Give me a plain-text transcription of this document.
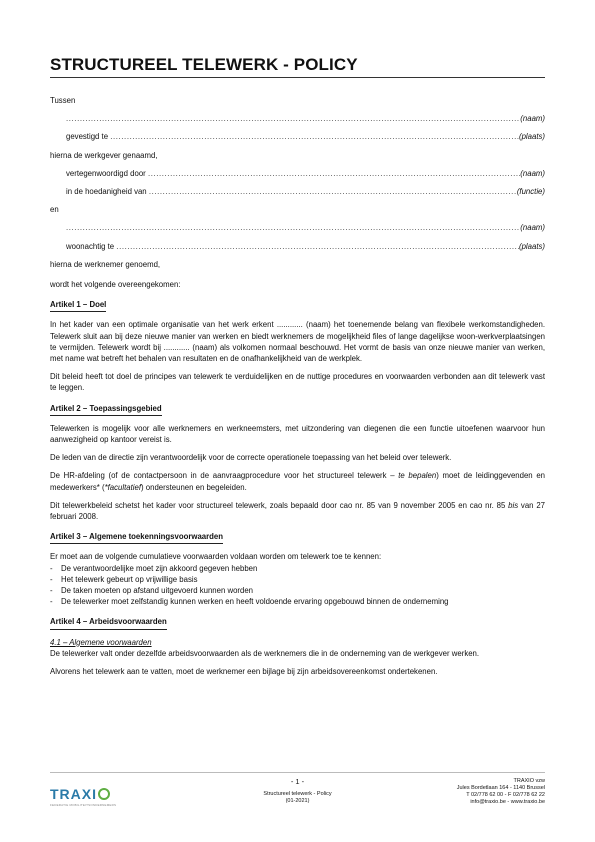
STRUCTUREEL TELEWERK - POLICY
Tussen
.....
(naam)
gevestigd te
.....	(plaats)
hierna de werkgever genaamd,
vertegenwoordigd door
.....	(naam)
in de hoedanigheid van
.....	(functie)
en
.....
(naam)
woonachtig te
.....	(plaats)
hierna de werknemer genoemd,
wordt het volgende overeengekomen:
Artikel 1 – Doel

In het kader van een optimale organisatie van het werk erkent ............ (naam) het toenemende belang van flexibele werkomstandigheden. Telewerk sluit aan bij deze nieuwe manier van werken en biedt werknemers de mogelijkheid files of lange dagelijkse woon-werkverplaatsingen te vermijden. Telewerk wordt bij ............ (naam) als volkomen normaal beschouwd. Het vormt de basis van onze nieuwe manier van werken, met name wat betreft het behalen van resultaten en de onafhankelijkheid van de werkplek.

Dit beleid heeft tot doel de principes van telewerk te verduidelijken en de nuttige procedures en voorwaarden verbonden aan dit telewerk vast te leggen.

Artikel 2 – Toepassingsgebied

Telewerken is mogelijk voor alle werknemers en werkneemsters, met uitzondering van diegenen die een functie uitoefenen waarvoor hun aanwezigheid op kantoor vereist is.

De leden van de directie zijn verantwoordelijk voor de correcte operationele toepassing van het beleid over telewerk.

De HR-afdeling (of de contactpersoon in de aanvraagprocedure voor het structureel telewerk – te bepalen) moet de leidinggevenden en medewerkers* (*facultatief) ondersteunen en begeleiden.

Dit telewerkbeleid schetst het kader voor structureel telewerk, zoals bepaald door cao nr. 85 van 9 november 2005 en cao nr. 85 bis van 27 februari 2008.

Artikel 3 – Algemene toekenningsvoorwaarden

Er moet aan de volgende cumulatieve voorwaarden voldaan worden om telewerk toe te kennen:

- De verantwoordelijke moet zijn akkoord gegeven hebben
- Het telewerk gebeurt op vrijwillige basis
- De taken moeten op afstand uitgevoerd kunnen worden
- De telewerker moet zelfstandig kunnen werken en heeft voldoende ervaring opgebouwd binnen de onderneming
Artikel 4 – Arbeidsvoorwaarden
4.1 – Algemene voorwaarden

De telewerker valt onder dezelfde arbeidsvoorwaarden als de werknemers die in de onderneming van de werkgever werken.

Alvorens het telewerk aan te vatten, moet de werknemer een bijlage bij zijn arbeidsovereenkomst ondertekenen.

TRAXI
FEDERATIE MOBILITEITSONDERNEMERS
- 1 -
Structureel telewerk - Policy
(01-2021)
TRAXIO vzw
Jules Bordetlaan 164 - 1140 Brussel
T 02/778 62 00 - F 02/778 62 22
info@traxio.be - www.traxio.be
